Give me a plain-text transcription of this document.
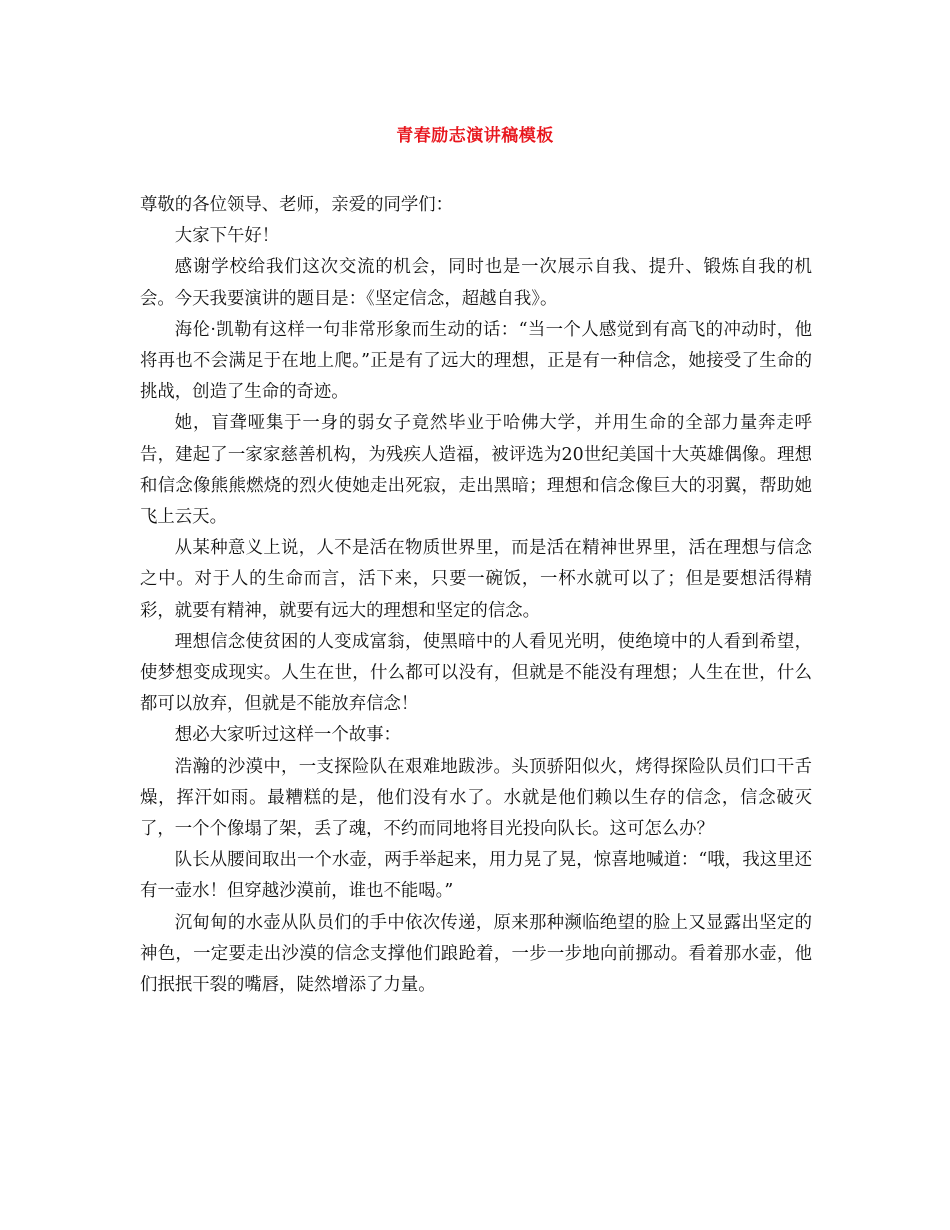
青春励志演讲稿模板

尊敬的各位领导、老师，亲爱的同学们：

大家下午好！

感谢学校给我们这次交流的机会，同时也是一次展示自我、提升、锻炼自我的机会。今天我要演讲的题目是：《坚定信念，超越自我》。

海伦·凯勒有这样一句非常形象而生动的话：“当一个人感觉到有高飞的冲动时，他将再也不会满足于在地上爬。”正是有了远大的理想，正是有一种信念，她接受了生命的挑战，创造了生命的奇迹。

她，盲聋哑集于一身的弱女子竟然毕业于哈佛大学，并用生命的全部力量奔走呼告，建起了一家家慈善机构，为残疾人造福，被评选为20世纪美国十大英雄偶像。理想和信念像熊熊燃烧的烈火使她走出死寂，走出黑暗；理想和信念像巨大的羽翼，帮助她飞上云天。

从某种意义上说，人不是活在物质世界里，而是活在精神世界里，活在理想与信念之中。对于人的生命而言，活下来，只要一碗饭，一杯水就可以了；但是要想活得精彩，就要有精神，就要有远大的理想和坚定的信念。

理想信念使贫困的人变成富翁，使黑暗中的人看见光明，使绝境中的人看到希望，使梦想变成现实。人生在世，什么都可以没有，但就是不能没有理想；人生在世，什么都可以放弃，但就是不能放弃信念！

想必大家听过这样一个故事：

浩瀚的沙漠中，一支探险队在艰难地跋涉。头顶骄阳似火，烤得探险队员们口干舌燥，挥汗如雨。最糟糕的是，他们没有水了。水就是他们赖以生存的信念，信念破灭了，一个个像塌了架，丢了魂，不约而同地将目光投向队长。这可怎么办？

队长从腰间取出一个水壶，两手举起来，用力晃了晃，惊喜地喊道：“哦，我这里还有一壶水！但穿越沙漠前，谁也不能喝。”

沉甸甸的水壶从队员们的手中依次传递，原来那种濒临绝望的脸上又显露出坚定的神色，一定要走出沙漠的信念支撑他们踉跄着，一步一步地向前挪动。看着那水壶，他们抿抿干裂的嘴唇，陡然增添了力量。
